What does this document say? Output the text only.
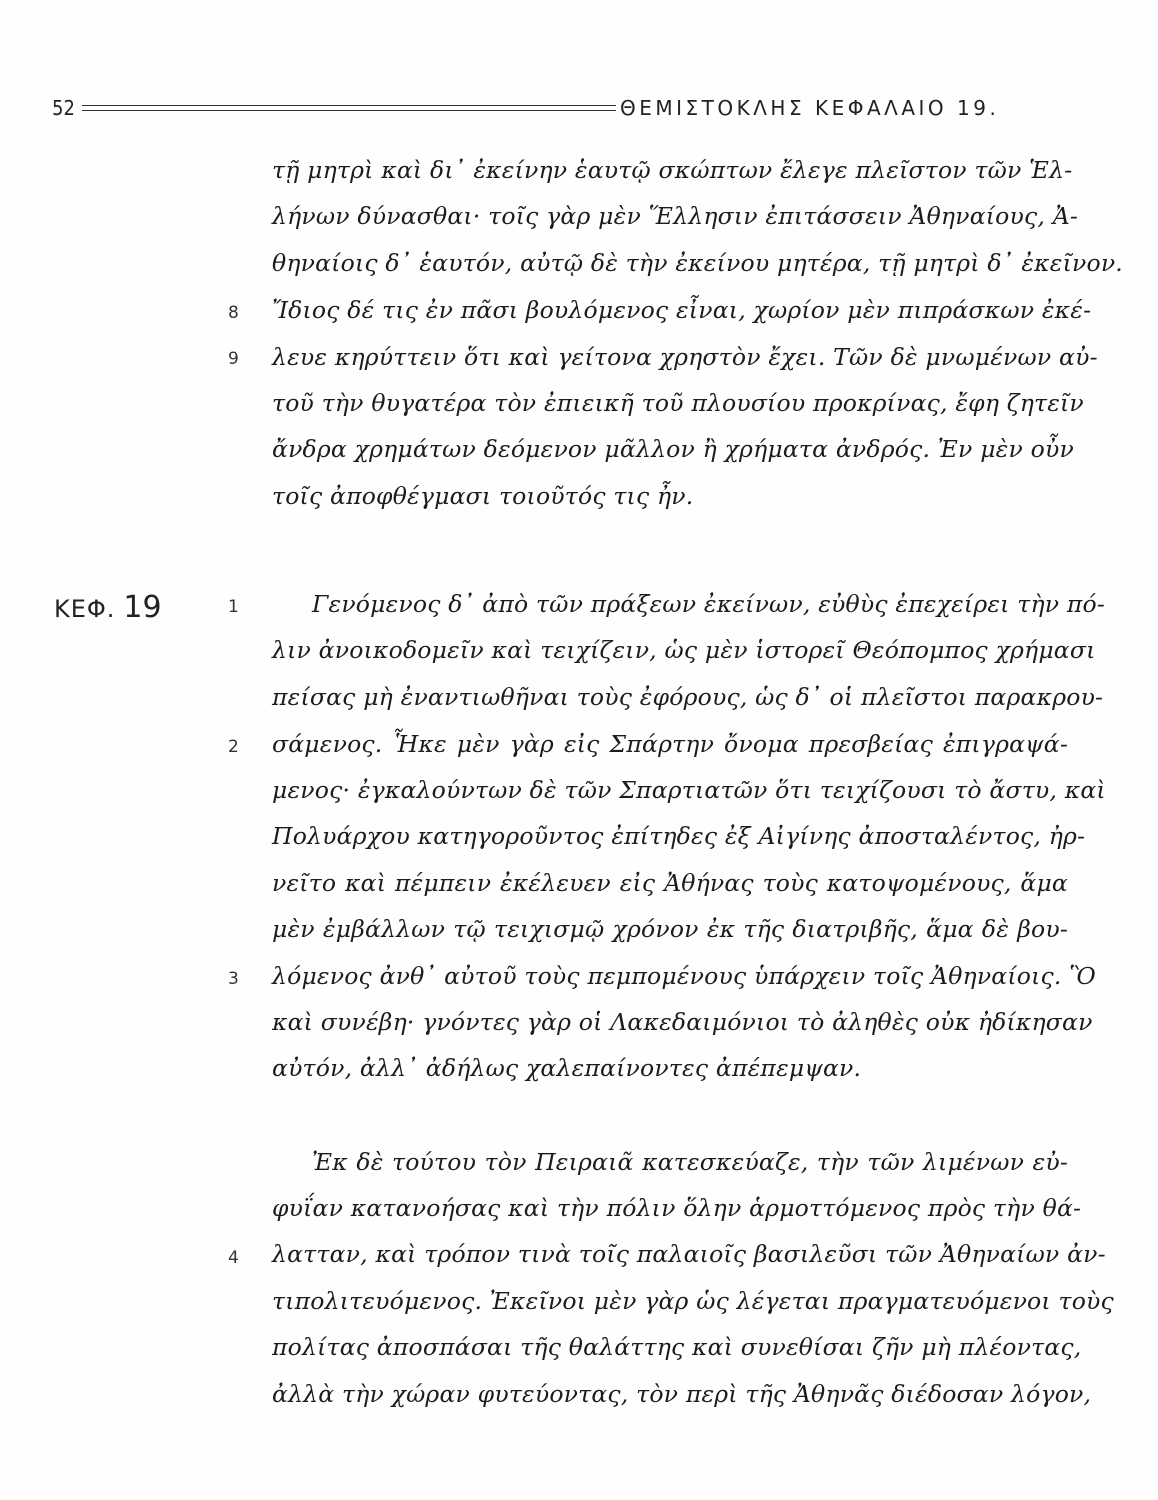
52	ΘΕΜΙΣΤΟΚΛΗΣ ΚΕΦΑΛΑΙΟ 19.
ΚΕΦ. 19
8
9
1
2
3
4
τῇ μητρὶ καὶ δι᾽ ἐκείνην ἑαυτῷ σκώπτων ἔλεγε πλεῖστον τῶν Ἑλ-
λήνων δύνασθαι· τοῖς γὰρ μὲν Ἕλλησιν ἐπιτάσσειν Ἀθηναίους, Ἀ-
θηναίοις δ᾽ ἑαυτόν, αὐτῷ δὲ τὴν ἐκείνου μητέρα, τῇ μητρὶ δ᾽ ἐκεῖνον.
Ἴδιος δέ τις ἐν πᾶσι βουλόμενος εἶναι, χωρίον μὲν πιπράσκων ἐκέ-
λευε κηρύττειν ὅτι καὶ γείτονα χρηστὸν ἔχει. Τῶν δὲ μνωμένων αὐ-
τοῦ τὴν θυγατέρα τὸν ἐπιεικῆ τοῦ πλουσίου προκρίνας, ἔφη ζητεῖν
ἄνδρα χρημάτων δεόμενον μᾶλλον ἢ χρήματα ἀνδρός. Ἐν μὲν οὖν
τοῖς ἀποφθέγμασι τοιοῦτός τις ἦν.
Γενόμενος δ᾽ ἀπὸ τῶν πράξεων ἐκείνων, εὐθὺς ἐπεχείρει τὴν πό-
λιν ἀνοικοδομεῖν καὶ τειχίζειν, ὡς μὲν ἱστορεῖ Θεόπομπος χρήμασι
πείσας μὴ ἐναντιωθῆναι τοὺς ἐφόρους, ὡς δ᾽ οἱ πλεῖστοι παρακρου-
σάμενος. Ἧκε μὲν γὰρ εἰς Σπάρτην ὄνομα πρεσβείας ἐπιγραψά-
μενος· ἐγκαλούντων δὲ τῶν Σπαρτιατῶν ὅτι τειχίζουσι τὸ ἄστυ, καὶ
Πολυάρχου κατηγοροῦντος ἐπίτηδες ἐξ Αἰγίνης ἀποσταλέντος, ἠρ-
νεῖτο καὶ πέμπειν ἐκέλευεν εἰς Ἀθήνας τοὺς κατοψομένους, ἅμα
μὲν ἐμβάλλων τῷ τειχισμῷ χρόνον ἐκ τῆς διατριβῆς, ἅμα δὲ βου-
λόμενος ἀνθ᾽ αὐτοῦ τοὺς πεμπομένους ὑπάρχειν τοῖς Ἀθηναίοις. Ὃ
καὶ συνέβη· γνόντες γὰρ οἱ Λακεδαιμόνιοι τὸ ἀληθὲς οὐκ ἠδίκησαν
αὐτόν, ἀλλ᾽ ἀδήλως χαλεπαίνοντες ἀπέπεμψαν.
Ἐκ δὲ τούτου τὸν Πειραιᾶ κατεσκεύαζε, τὴν τῶν λιμένων εὐ-
φυΐαν κατανοήσας καὶ τὴν πόλιν ὅλην ἁρμοττόμενος πρὸς τὴν θά-
λατταν, καὶ τρόπον τινὰ τοῖς παλαιοῖς βασιλεῦσι τῶν Ἀθηναίων ἀν-
τιπολιτευόμενος. Ἐκεῖνοι μὲν γὰρ ὡς λέγεται πραγματευόμενοι τοὺς
πολίτας ἀποσπάσαι τῆς θαλάττης καὶ συνεθίσαι ζῆν μὴ πλέοντας,
ἀλλὰ τὴν χώραν φυτεύοντας, τὸν περὶ τῆς Ἀθηνᾶς διέδοσαν λόγον,
